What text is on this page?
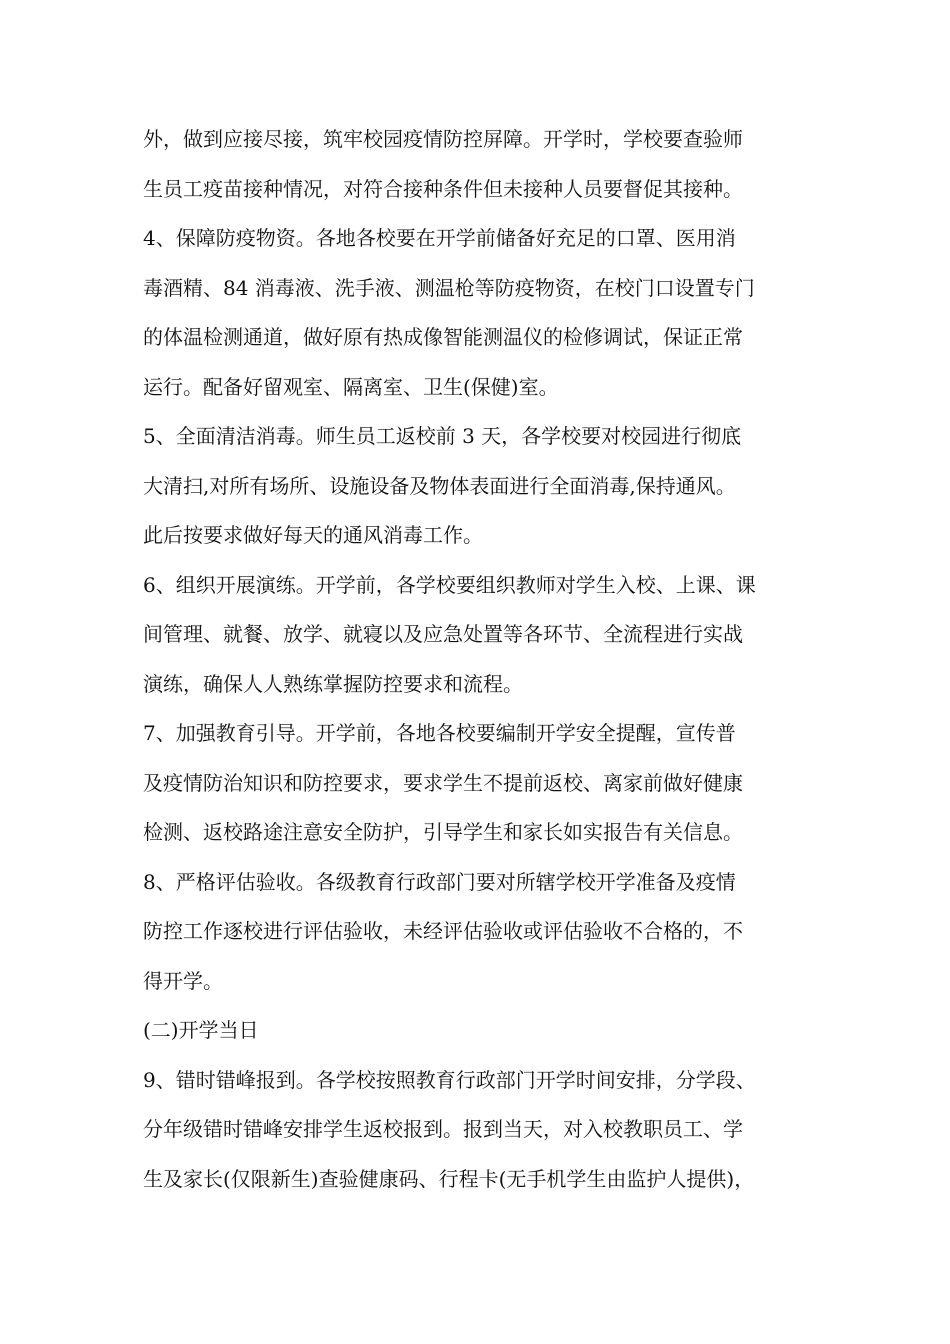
外，做到应接尽接，筑牢校园疫情防控屏障。开学时，学校要查验师
生员工疫苗接种情况，对符合接种条件但未接种人员要督促其接种。
4、保障防疫物资。各地各校要在开学前储备好充足的口罩、医用消
毒酒精、84 消毒液、洗手液、测温枪等防疫物资，在校门口设置专门
的体温检测通道，做好原有热成像智能测温仪的检修调试，保证正常
运行。配备好留观室、隔离室、卫生(保健)室。
5、全面清洁消毒。师生员工返校前 3 天，各学校要对校园进行彻底
大清扫,对所有场所、设施设备及物体表面进行全面消毒,保持通风。
此后按要求做好每天的通风消毒工作。
6、组织开展演练。开学前，各学校要组织教师对学生入校、上课、课
间管理、就餐、放学、就寝以及应急处置等各环节、全流程进行实战
演练，确保人人熟练掌握防控要求和流程。
7、加强教育引导。开学前，各地各校要编制开学安全提醒，宣传普
及疫情防治知识和防控要求，要求学生不提前返校、离家前做好健康
检测、返校路途注意安全防护，引导学生和家长如实报告有关信息。
8、严格评估验收。各级教育行政部门要对所辖学校开学准备及疫情
防控工作逐校进行评估验收，未经评估验收或评估验收不合格的，不
得开学。
(二)开学当日
9、错时错峰报到。各学校按照教育行政部门开学时间安排，分学段、
分年级错时错峰安排学生返校报到。报到当天，对入校教职员工、学
生及家长(仅限新生)查验健康码、行程卡(无手机学生由监护人提供)，
